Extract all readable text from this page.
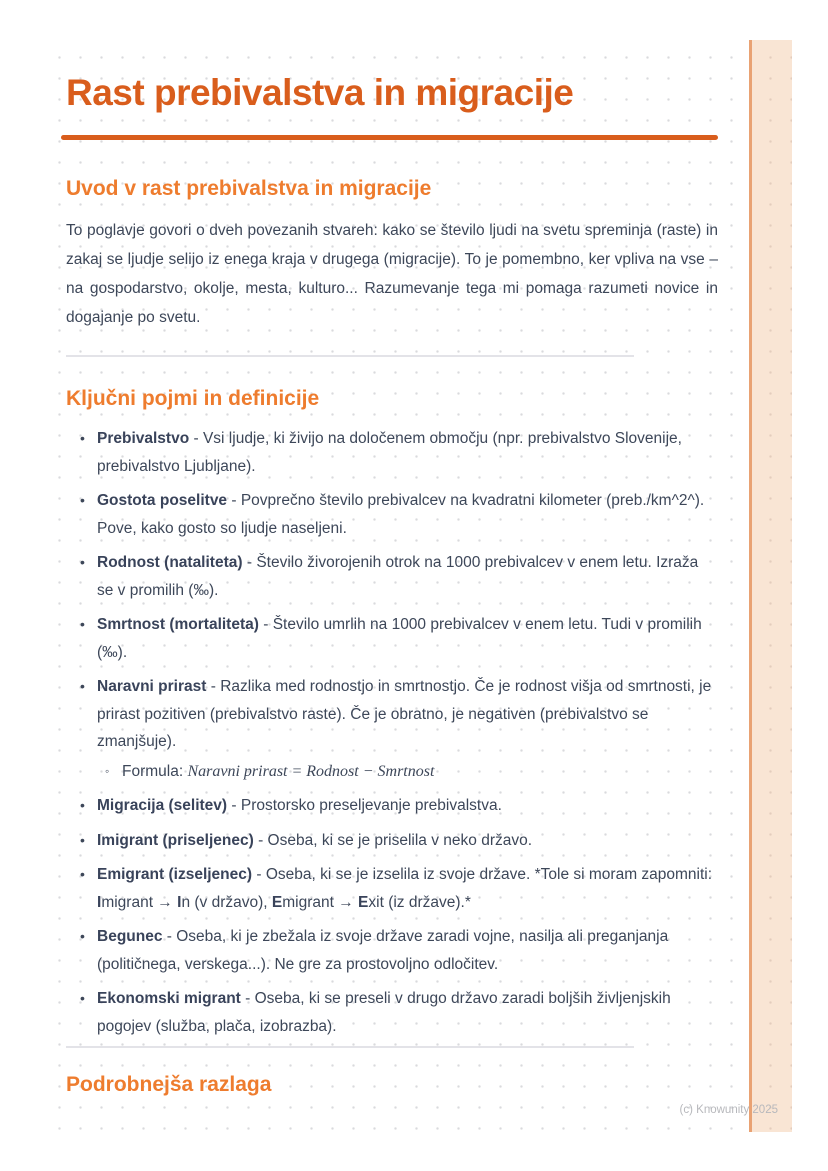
Rast prebivalstva in migracije
Uvod v rast prebivalstva in migracije

To poglavje govori o dveh povezanih stvareh: kako se število ljudi na svetu spreminja (raste) in zakaj se ljudje selijo iz enega kraja v drugega (migracije). To je pomembno, ker vpliva na vse – na gospodarstvo, okolje, mesta, kulturo... Razumevanje tega mi pomaga razumeti novice in dogajanje po svetu.

Ključni pojmi in definicije
• Prebivalstvo - Vsi ljudje, ki živijo na določenem območju (npr. prebivalstvo Slovenije, prebivalstvo Ljubljane).
• Gostota poselitve - Povprečno število prebivalcev na kvadratni kilometer (preb./km^2^). Pove, kako gosto so ljudje naseljeni.
• Rodnost (nataliteta) - Število živorojenih otrok na 1000 prebivalcev v enem letu. Izraža se v promilih (‰).
• Smrtnost (mortaliteta) - Število umrlih na 1000 prebivalcev v enem letu. Tudi v promilih (‰).
• Naravni prirast - Razlika med rodnostjo in smrtnostjo. Če je rodnost višja od smrtnosti, je prirast pozitiven (prebivalstvo raste). Če je obratno, je negativen (prebivalstvo se zmanjšuje).
◦ Formula: Naravni prirast = Rodnost − Smrtnost
• Migracija (selitev) - Prostorsko preseljevanje prebivalstva.
• Imigrant (priseljenec) - Oseba, ki se je priselila v neko državo.
• Emigrant (izseljenec) - Oseba, ki se je izselila iz svoje države. *Tole si moram zapomniti: Imigrant → In (v državo), Emigrant → Exit (iz države).*
• Begunec - Oseba, ki je zbežala iz svoje države zaradi vojne, nasilja ali preganjanja (političnega, verskega...). Ne gre za prostovoljno odločitev.
• Ekonomski migrant - Oseba, ki se preseli v drugo državo zaradi boljših življenjskih pogojev (služba, plača, izobrazba).
Podrobnejša razlaga
(c) Knowunity 2025
